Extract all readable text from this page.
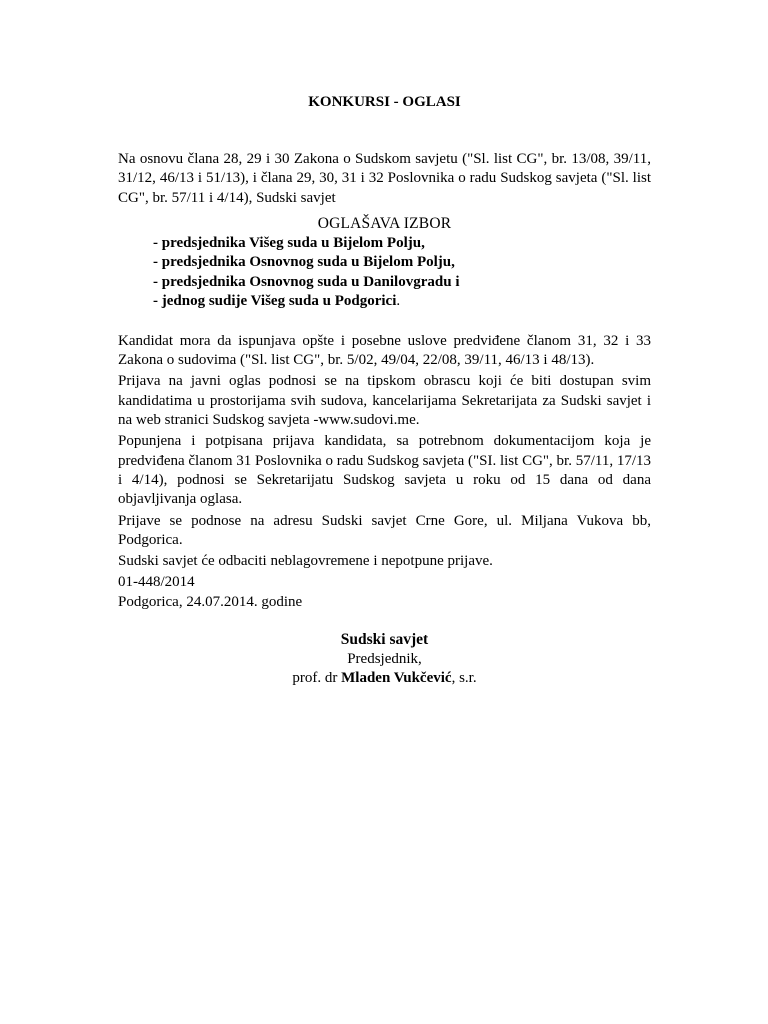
KONKURSI - OGLASI

Na osnovu člana 28, 29 i 30 Zakona o Sudskom savjetu ("Sl. list CG", br. 13/08, 39/11, 31/12, 46/13 i 51/13), i člana 29, 30, 31 i 32 Poslovnika o radu Sudskog savjeta ("Sl. list CG", br. 57/11 i 4/14), Sudski savjet

OGLAŠAVA IZBOR
- predsjednika Višeg suda u Bijelom Polju,
- predsjednika Osnovnog suda u Bijelom Polju,
- predsjednika Osnovnog suda u Danilovgradu i
- jednog sudije Višeg suda u Podgorici.

Kandidat mora da ispunjava opšte i posebne uslove predviđene članom 31, 32 i 33 Zakona o sudovima ("Sl. list CG", br. 5/02, 49/04, 22/08, 39/11, 46/13 i 48/13).

Prijava na javni oglas podnosi se na tipskom obrascu koji će biti dostupan svim kandidatima u prostorijama svih sudova, kancelarijama Sekretarijata za Sudski savjet i na web stranici Sudskog savjeta -www.sudovi.me.

Popunjena i potpisana prijava kandidata, sa potrebnom dokumentacijom koja je predviđena članom 31 Poslovnika o radu Sudskog savjeta ("SI. list CG", br. 57/11, 17/13 i 4/14), podnosi se Sekretarijatu Sudskog savjeta u roku od 15 dana od dana objavljivanja oglasa.

Prijave se podnose na adresu Sudski savjet Crne Gore, ul. Miljana Vukova bb, Podgorica.

Sudski savjet će odbaciti neblagovremene i nepotpune prijave.

01-448/2014

Podgorica, 24.07.2014. godine

Sudski savjet
Predsjednik,
prof. dr Mladen Vukčević, s.r.
